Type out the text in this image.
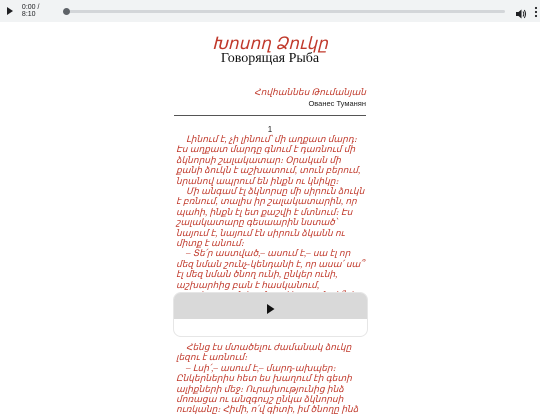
0:00 / 8:10
Խոսող Ձուկը
Говорящая Рыба
Հովհաննես Թումանյան
Ованес Туманян
1

Լինում է, չի լինում՝ մի աղքատ մարդ։ Էս աղքատ մարդը գնում է դառնում մի ձկնորսի շալակատար։ Օրական մի քանի ձուկն է աշխատում, տուն բերում, նրանով ապրում են ինքն ու կնիկը։

Մի անգամ էլ ձկնորսը մի սիրուն ձուկն է բռնում, տալիս իր շալակատարին, որ պահի, ինքն էլ ետ քաշվի է մտնում։ Էս շալակատարը գեսաարին նստած՝ նայում է, նայում էն սիրուն ձկանն ու միտք է անում։

– Տե՛ր աստված,– ասում է,– սա էլ որ մեզ նման շունչ-կենդանի է, որ ասա՛ սա՞ էլ մեզ նման ծնող ունի, ընկեր ունի, աշխարհից բան է հասկանում,

Հենց էս մտածելու ժամանակ ձուկը լեզու է առնում։

– Լսի՛,– ասում է,– մարդ-ախպեր։ Ընկերներիս հետ ես խաղում էի գետի ալիքների մեջ։ Ուրախությունից ինձ մոռացա ու անզգույշ ընկա ձկնորսի ուռկանը։ Հիմի, ո՛վ գիտի, իմ ծնողը ինձ
